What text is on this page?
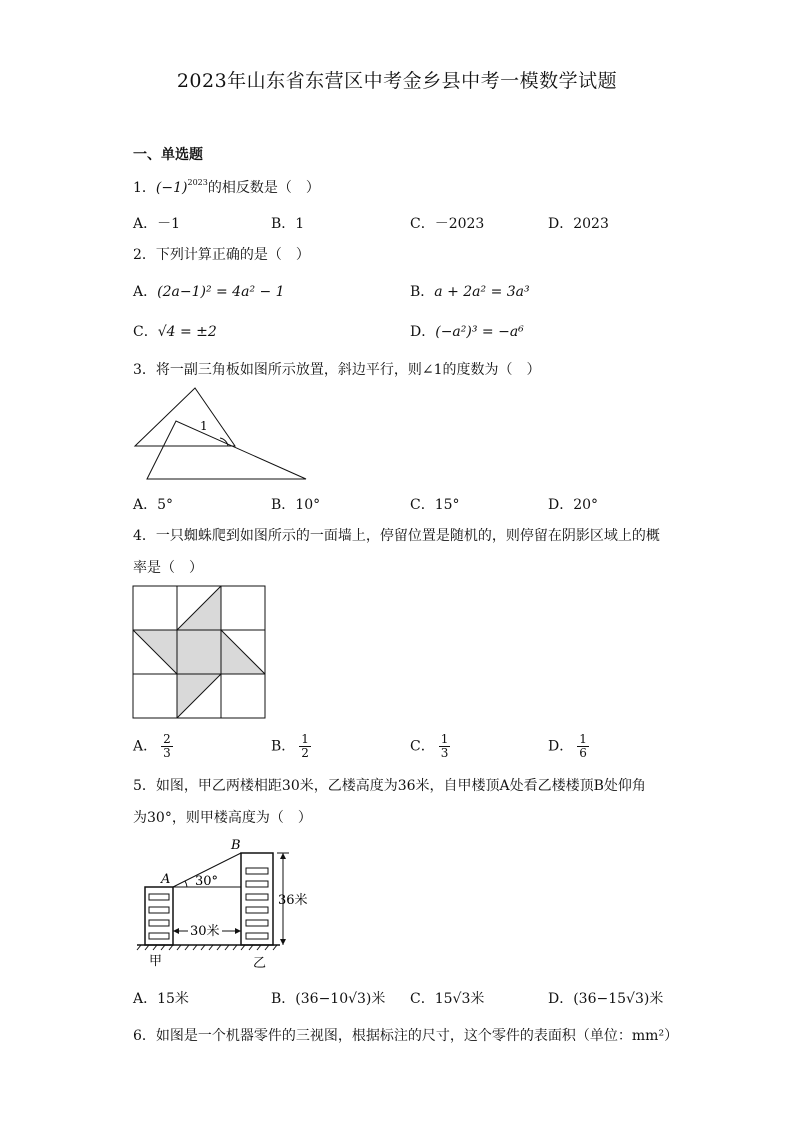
2023年山东省东营区中考金乡县中考一模数学试题
一、单选题
1．$(-1)^{2023}$的相反数是（　）
A．－1	B．1	C．－2023	D．2023
2．下列计算正确的是（　）
A．(2a−1)² = 4a² − 1	B．a + 2a² = 3a³
C．√4 = ±2	D．(−a²)³ = −a⁶
3．将一副三角板如图所示放置，斜边平行，则∠1的度数为（　）
1
A．5°	B．10°	C．15°	D．20°
4．一只蜘蛛爬到如图所示的一面墙上，停留位置是随机的，则停留在阴影区域上的概
率是（　）
A． $\frac{2}{3}$	B． $\frac{1}{2}$	C． $\frac{1}{3}$	D． $\frac{1}{6}$
5．如图，甲乙两楼相距30米，乙楼高度为36米，自甲楼顶A处看乙楼楼顶B处仰角
为30°，则甲楼高度为（　）
A
B
30°
30米
36米
甲	乙
A．15米	B．(36−10√3)米 C．15√3米	D．(36−15√3)米
6．如图是一个机器零件的三视图，根据标注的尺寸，这个零件的表面积（单位：mm²）
